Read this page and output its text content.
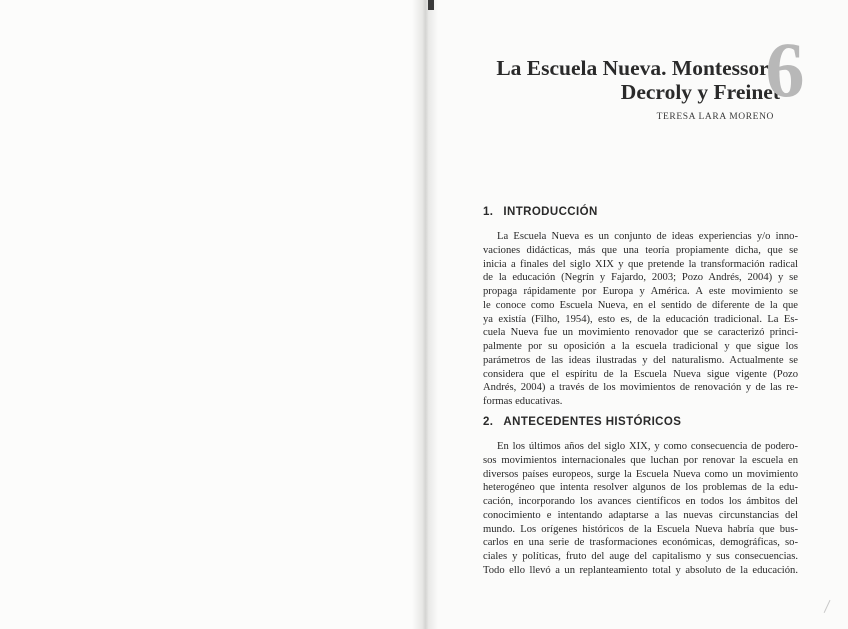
La Escuela Nueva. Montessori,
Decroly y Freinet
6
TERESA LARA MORENO
1. INTRODUCCIÓN

La Escuela Nueva es un conjunto de ideas experiencias y/o inno-
vaciones didácticas, más que una teoría propiamente dicha, que se
inicia a finales del siglo XIX y que pretende la transformación radical
de la educación (Negrín y Fajardo, 2003; Pozo Andrés, 2004) y se
propaga rápidamente por Europa y América. A este movimiento se
le conoce como Escuela Nueva, en el sentido de diferente de la que
ya existía (Filho, 1954), esto es, de la educación tradicional. La Es-
cuela Nueva fue un movimiento renovador que se caracterizó princi-
palmente por su oposición a la escuela tradicional y que sigue los
parámetros de las ideas ilustradas y del naturalismo. Actualmente se
considera que el espíritu de la Escuela Nueva sigue vigente (Pozo
Andrés, 2004) a través de los movimientos de renovación y de las re-
formas educativas.

2. ANTECEDENTES HISTÓRICOS

En los últimos años del siglo XIX, y como consecuencia de podero-
sos movimientos internacionales que luchan por renovar la escuela en
diversos países europeos, surge la Escuela Nueva como un movimiento
heterogéneo que intenta resolver algunos de los problemas de la edu-
cación, incorporando los avances científicos en todos los ámbitos del
conocimiento e intentando adaptarse a las nuevas circunstancias del
mundo. Los orígenes históricos de la Escuela Nueva habría que bus-
carlos en una serie de trasformaciones económicas, demográficas, so-
ciales y políticas, fruto del auge del capitalismo y sus consecuencias.
Todo ello llevó a un replanteamiento total y absoluto de la educación.
